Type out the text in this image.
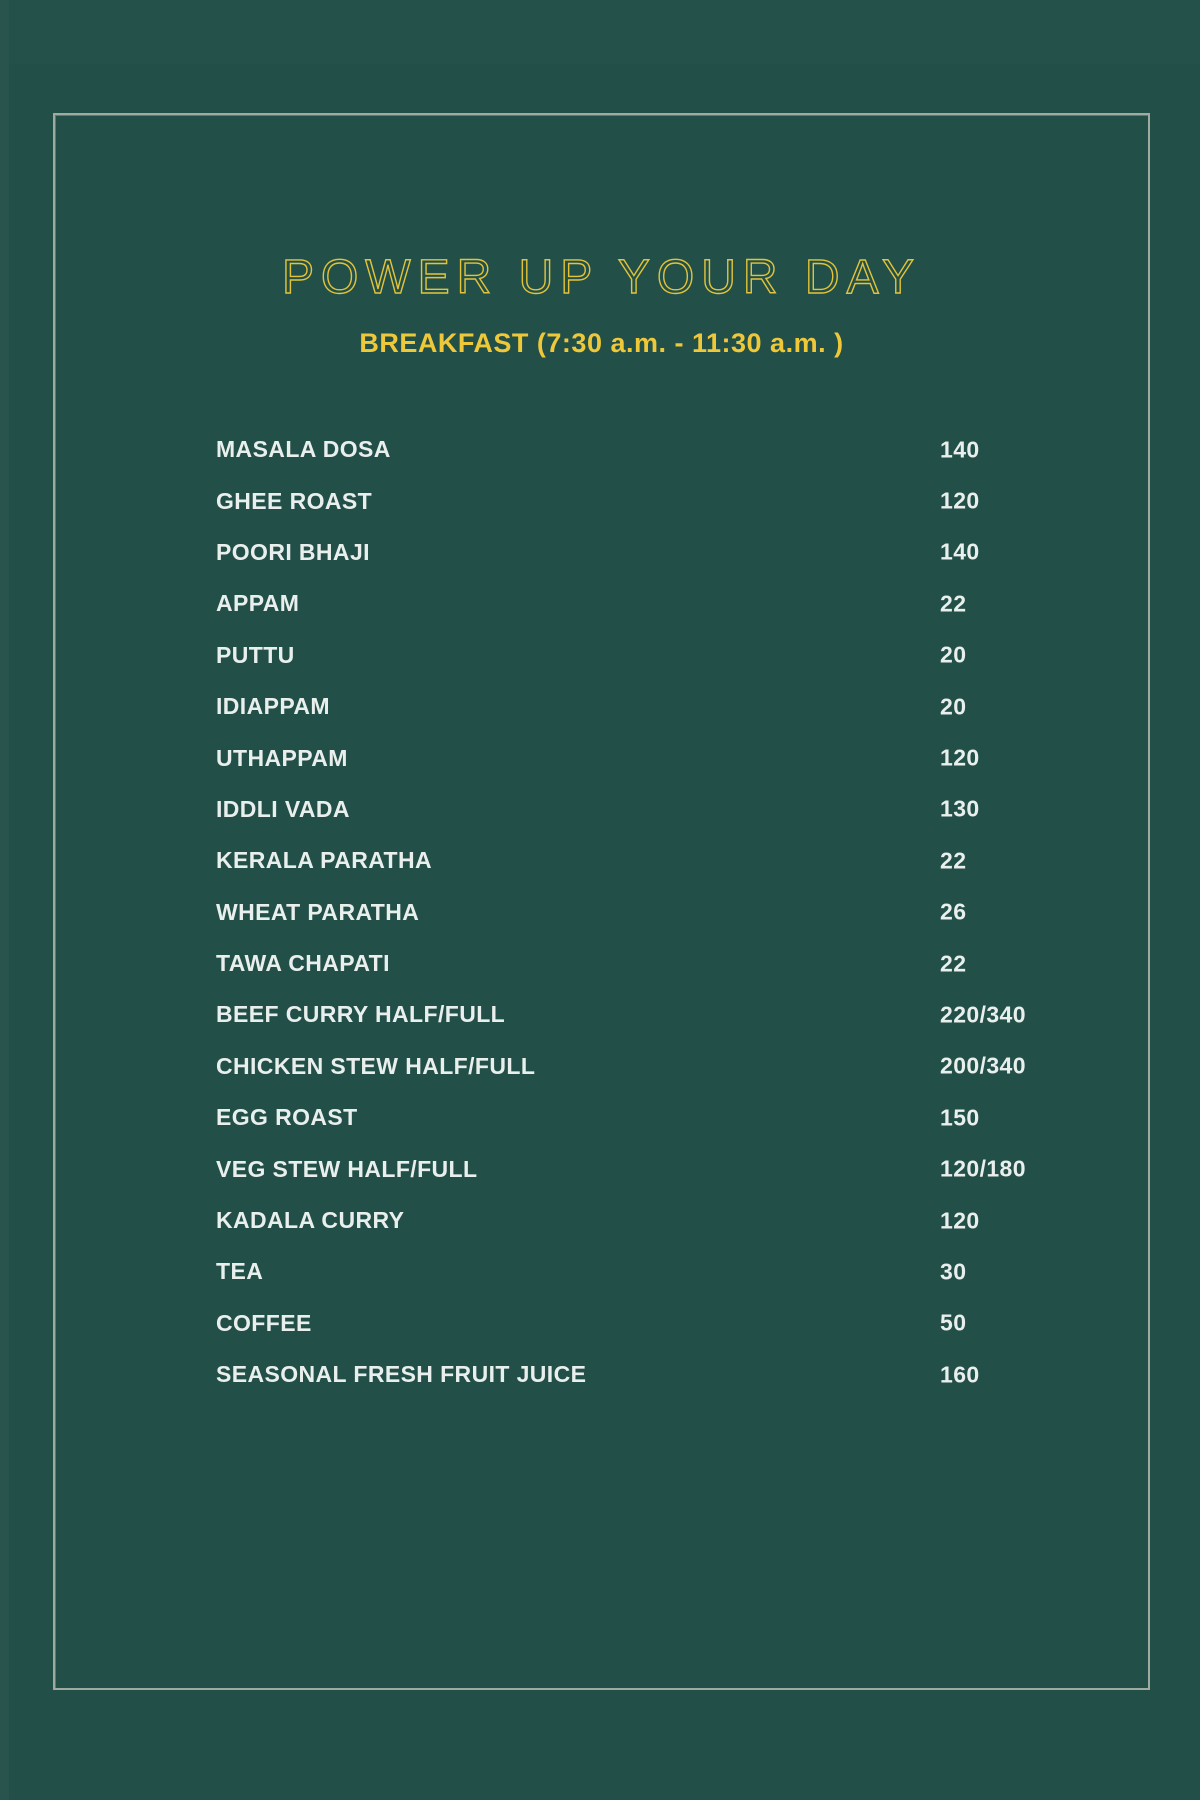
POWER UP YOUR DAY
BREAKFAST (7:30 a.m. - 11:30 a.m. )
MASALA DOSA	140
GHEE ROAST	120
POORI BHAJI	140
APPAM	22
PUTTU	20
IDIAPPAM	20
UTHAPPAM	120
IDDLI VADA	130
KERALA PARATHA	22
WHEAT PARATHA	26
TAWA CHAPATI	22
BEEF CURRY HALF/FULL	220/340
CHICKEN STEW HALF/FULL	200/340
EGG ROAST	150
VEG STEW HALF/FULL	120/180
KADALA CURRY	120
TEA	30
COFFEE	50
SEASONAL FRESH FRUIT JUICE	160
